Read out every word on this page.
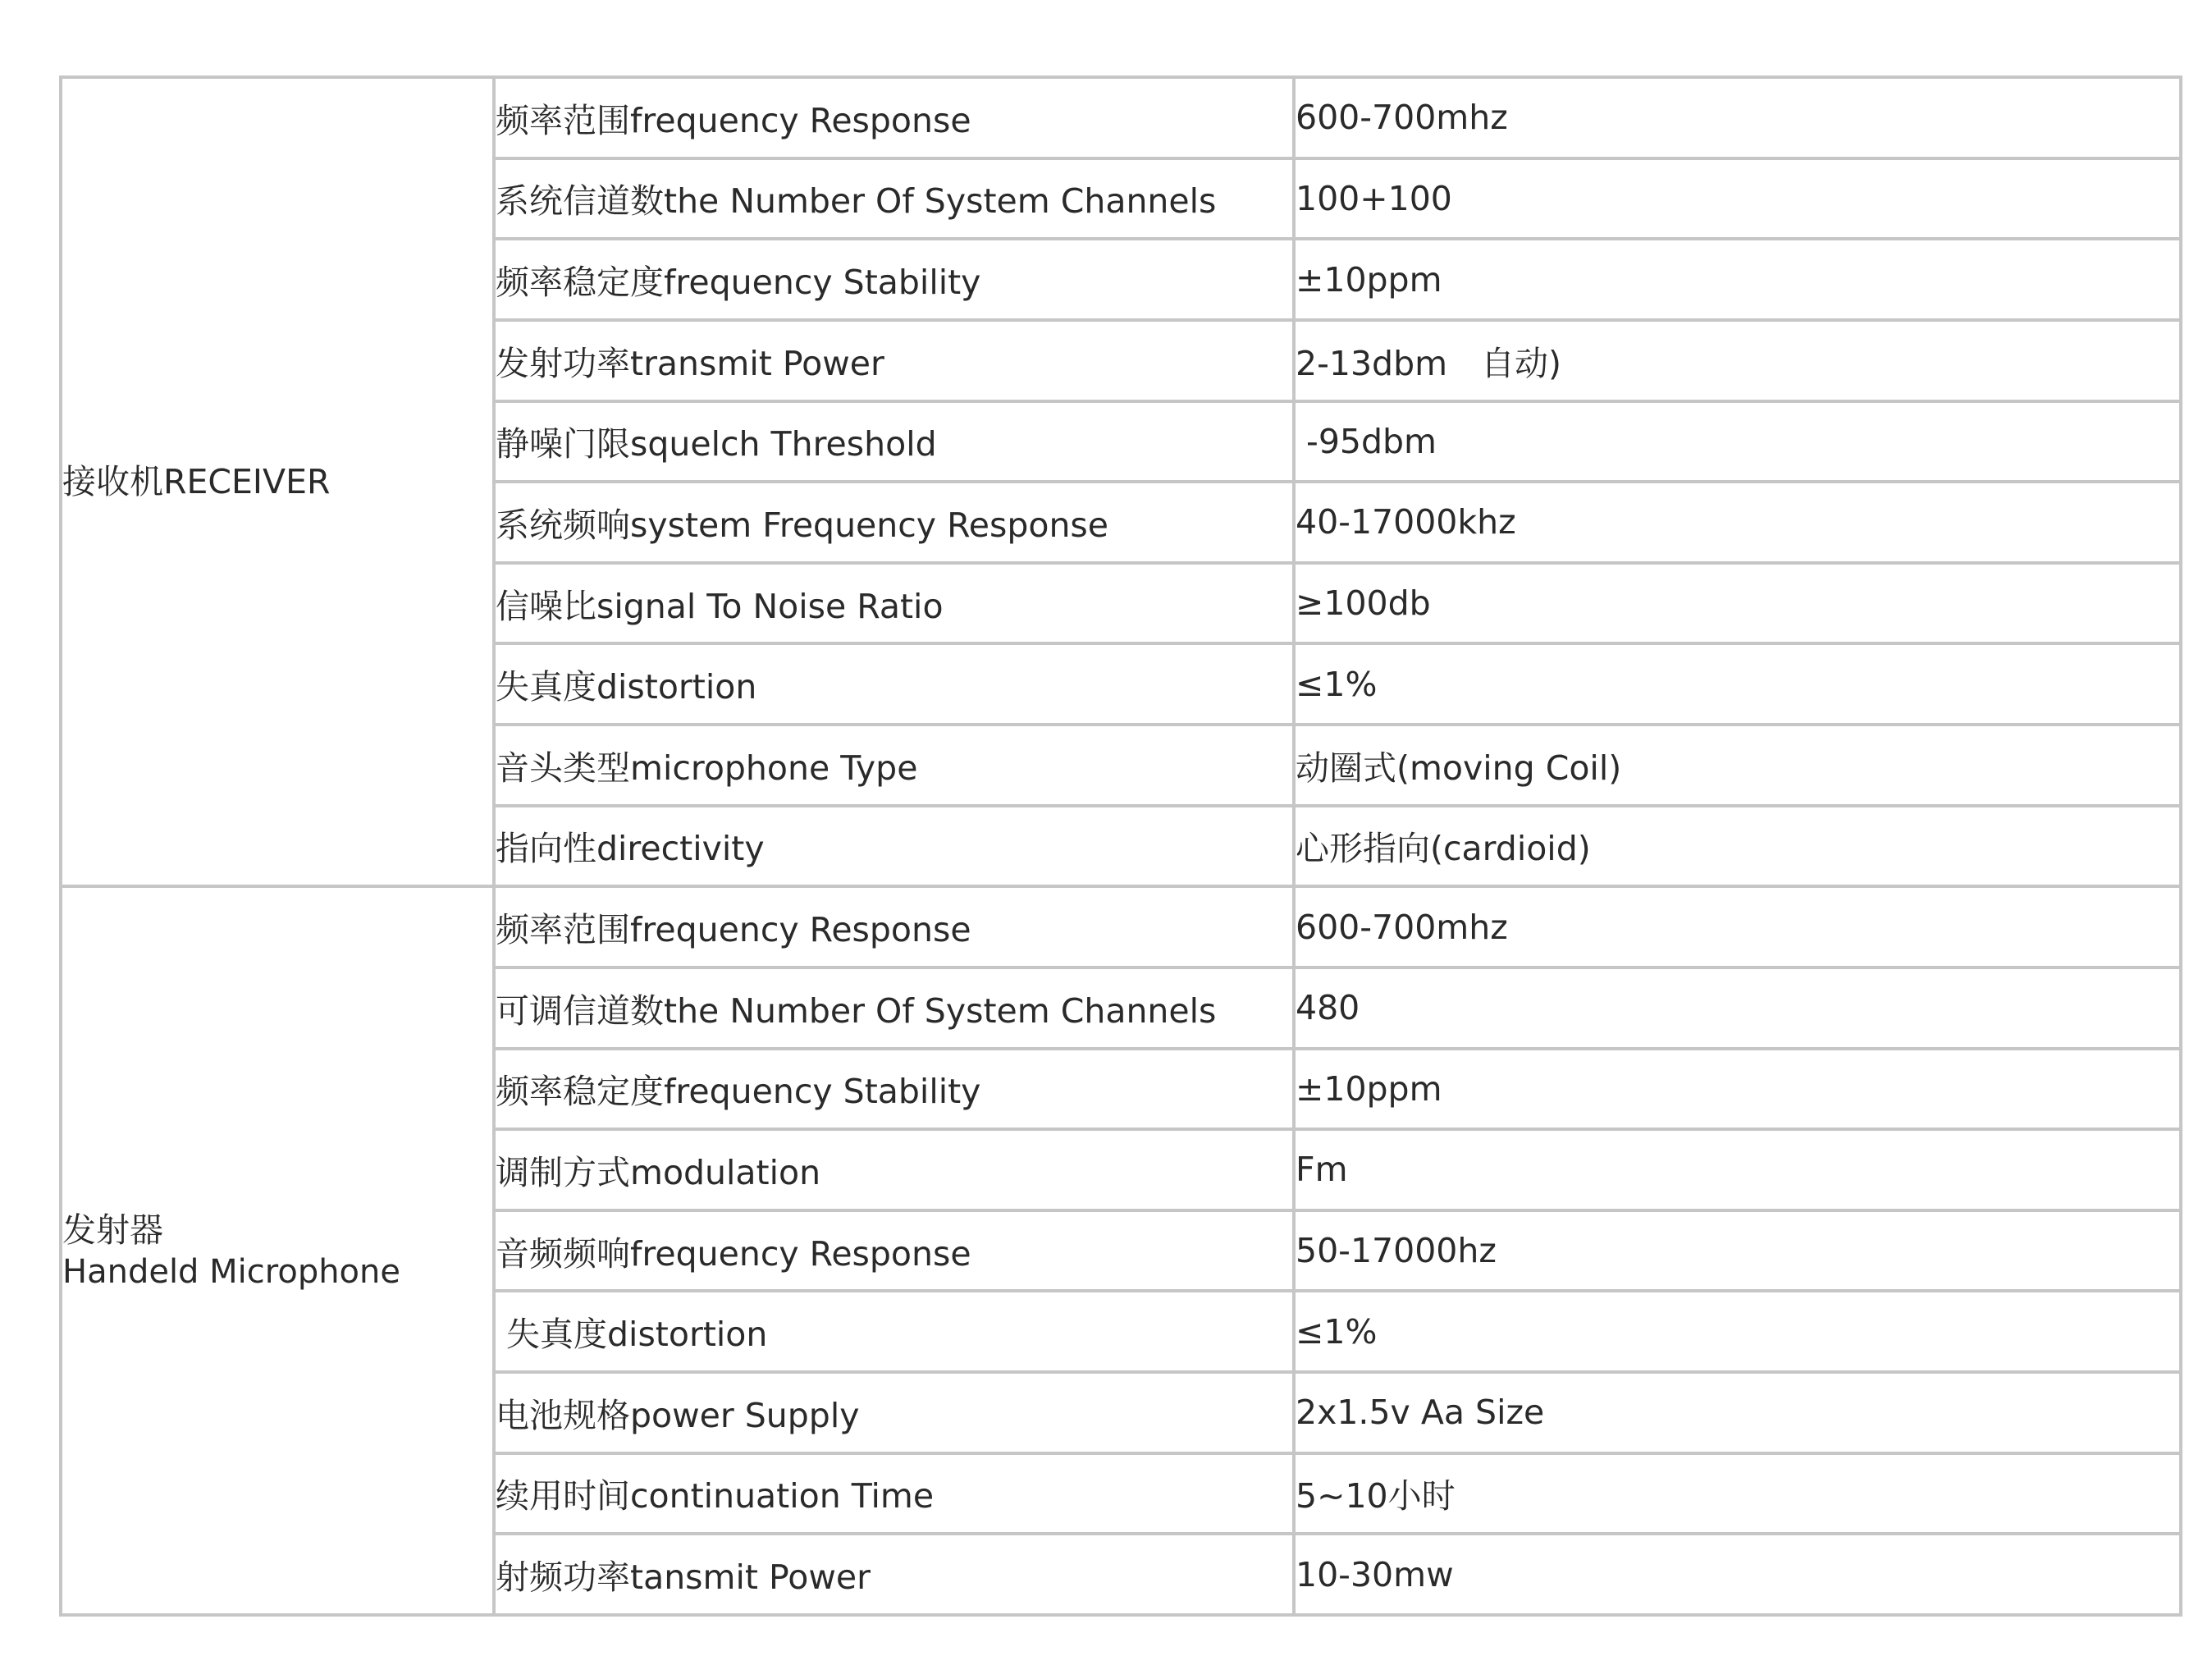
接收机RECEIVER	频率范围frequency Response	600-700mhz
	系统信道数the Number Of System Channels	100+100
	频率稳定度frequency Stability	±10ppm
	发射功率transmit Power	2-13dbm　自动)
	静噪门限squelch Threshold	-95dbm
	系统频响system Frequency Response	40-17000khz
	信噪比signal To Noise Ratio	≥100db
	失真度distortion	≤1%
	音头类型microphone Type	动圈式(moving Coil)
	指向性directivity	心形指向(cardioid)
发射器
Handeld Microphone	频率范围frequency Response	600-700mhz
	可调信道数the Number Of System Channels	480
	频率稳定度frequency Stability	±10ppm
	调制方式modulation	Fm
	音频频响frequency Response	50-17000hz
	失真度distortion	≤1%
	电池规格power Supply	2x1.5v Aa Size
	续用时间continuation Time	5~10小时
	射频功率tansmit Power	10-30mw
